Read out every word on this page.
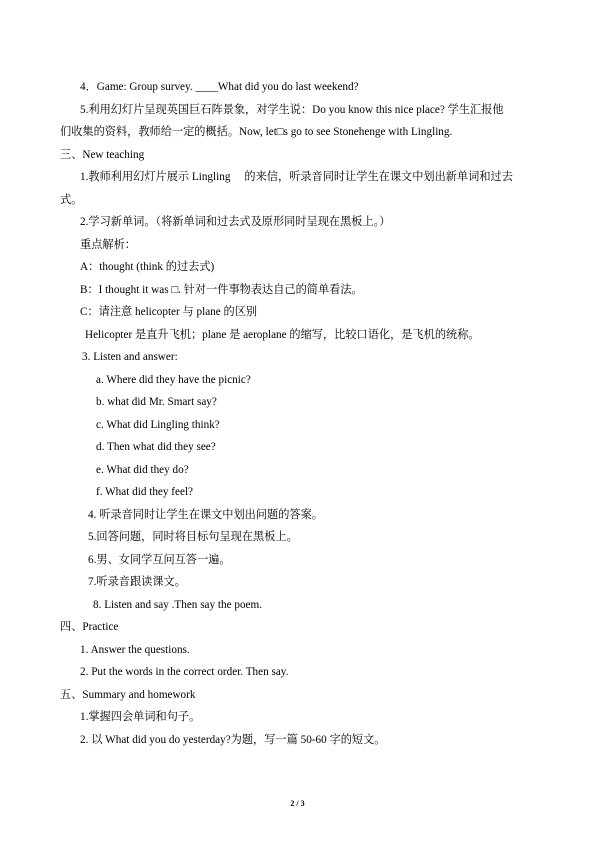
4．Game: Group survey. ____What did you do last weekend?
5.利用幻灯片呈现英国巨石阵景象，对学生说：Do you know this nice place? 学生汇报他
们收集的资料，教师给一定的概括。Now, let□s go to see Stonehenge with Lingling.
三、New teaching
1.教师利用幻灯片展示 Lingling　 的来信，听录音同时让学生在课文中划出新单词和过去
式。
2.学习新单词。（将新单词和过去式及原形同时呈现在黑板上。）
重点解析：
A：thought (think 的过去式)
B：I thought it was □. 针对一件事物表达自己的简单看法。
C：请注意 helicopter 与 plane 的区别
Helicopter 是直升飞机；plane 是 aeroplane 的缩写，比较口语化，是飞机的统称。
3. Listen and answer:
a. Where did they have the picnic?
b. what did Mr. Smart say?
c. What did Lingling think?
d. Then what did they see?
e. What did they do?
f. What did they feel?
4. 听录音同时让学生在课文中划出问题的答案。
5.回答问题，同时将目标句呈现在黑板上。
6.男、女同学互问互答一遍。
7.听录音跟读课文。
8. Listen and say .Then say the poem.
四、Practice
1. Answer the questions.
2. Put the words in the correct order. Then say.
五、Summary and homework
1.掌握四会单词和句子。
2. 以 What did you do yesterday?为题，写一篇 50-60 字的短文。
2 / 3
